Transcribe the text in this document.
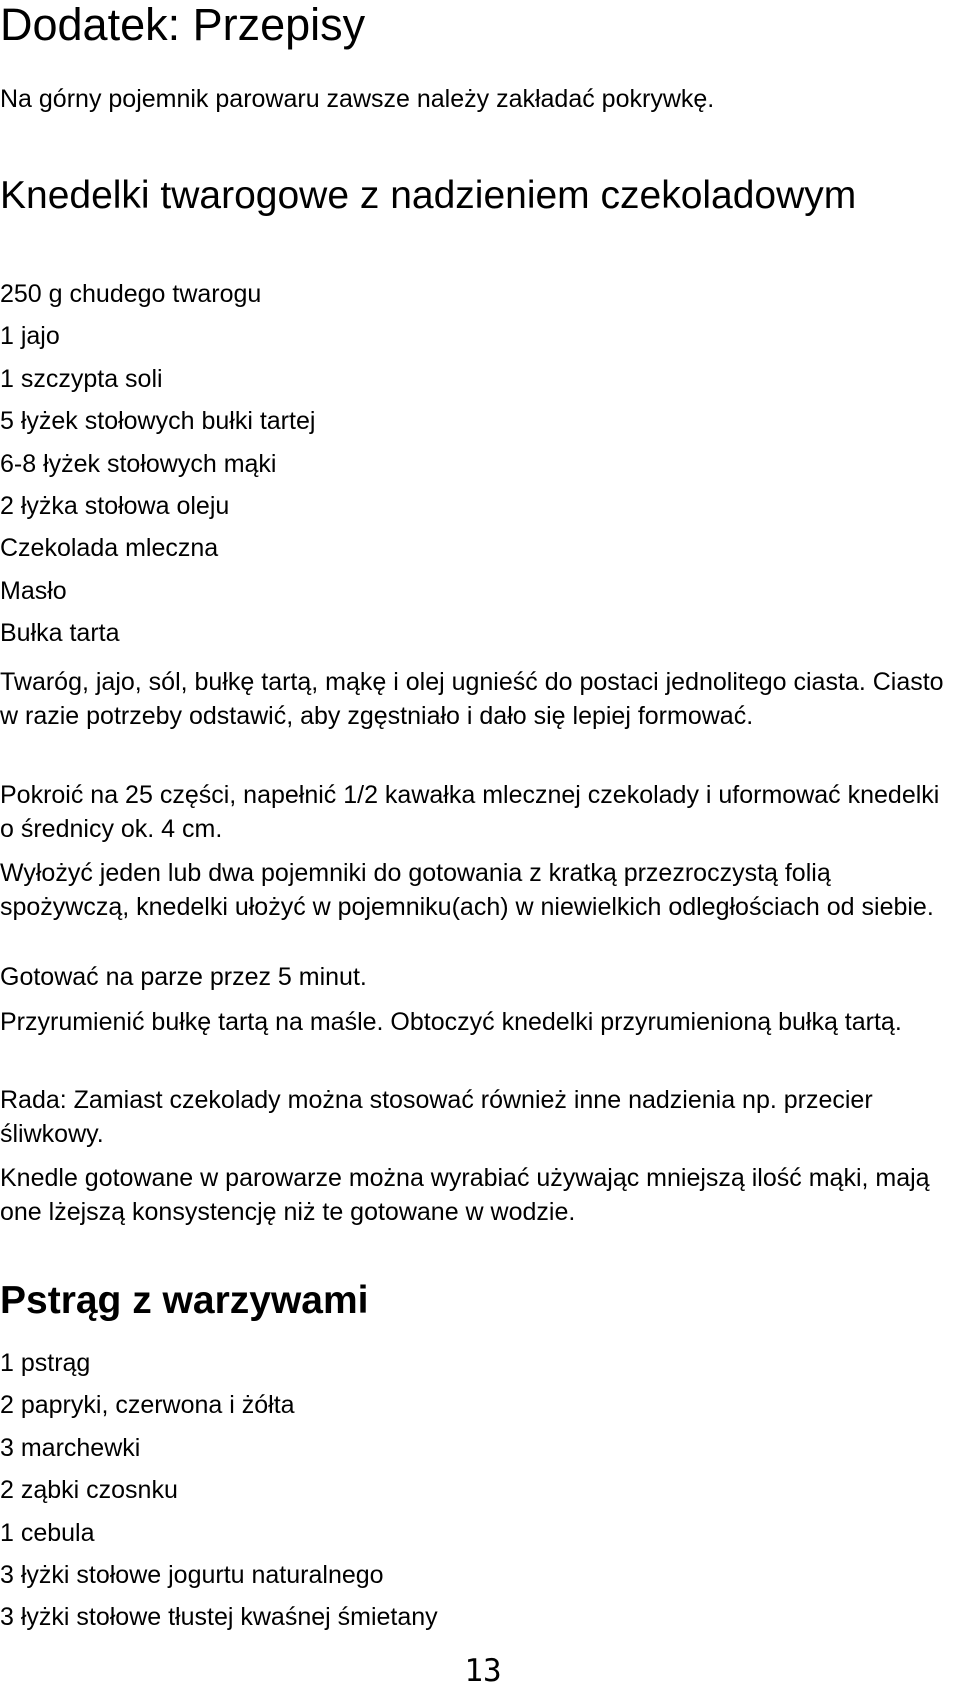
Dodatek: Przepisy
Na górny pojemnik parowaru zawsze należy zakładać pokrywkę.
Knedelki twarogowe z nadzieniem czekoladowym
250 g chudego twarogu
1 jajo
1 szczypta soli
5 łyżek stołowych bułki tartej
6-8 łyżek stołowych mąki
2 łyżka stołowa oleju
Czekolada mleczna
Masło
Bułka tarta

Twaróg, jajo, sól, bułkę tartą, mąkę i olej ugnieść do postaci jednolitego ciasta. Ciasto w razie potrzeby odstawić, aby zgęstniało i dało się lepiej formować.

Pokroić na 25 części, napełnić 1/2 kawałka mlecznej czekolady i uformować knedelki o średnicy ok. 4 cm.

Wyłożyć jeden lub dwa pojemniki do gotowania z kratką przezroczystą folią spożywczą, knedelki ułożyć w pojemniku(ach) w niewielkich odległościach od siebie.

Gotować na parze przez 5 minut.

Przyrumienić bułkę tartą na maśle. Obtoczyć knedelki przyrumienioną bułką tartą.

Rada: Zamiast czekolady można stosować również inne nadzienia np. przecier śliwkowy.

Knedle gotowane w parowarze można wyrabiać używając mniejszą ilość mąki, mają one lżejszą konsystencję niż te gotowane w wodzie.

Pstrąg z warzywami
1 pstrąg
2 papryki, czerwona i żółta
3 marchewki
2 ząbki czosnku
1 cebula
3 łyżki stołowe jogurtu naturalnego
3 łyżki stołowe tłustej kwaśnej śmietany
13
